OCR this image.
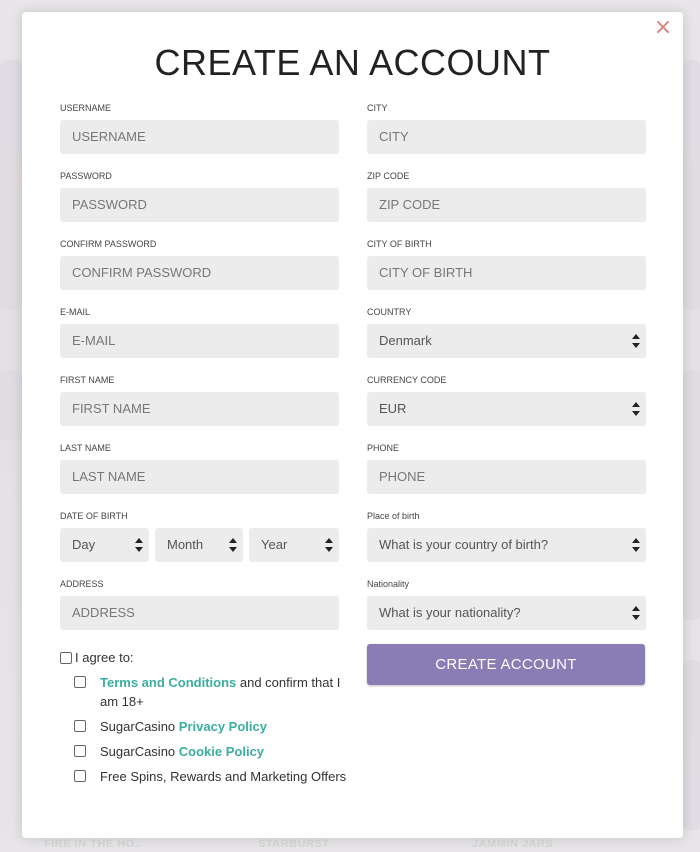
×
CREATE AN ACCOUNT
USERNAME
USERNAME
PASSWORD
CONFIRM PASSWORD
E-MAIL
E-MAIL
FIRST NAME
FIRST NAME
LAST NAME
LAST NAME
DATE OF BIRTH
Day	Month	Year
ADDRESS
ADDRESS
CITY
CITY
ZIP CODE
ZIP CODE
CITY OF BIRTH
CITY OF BIRTH
COUNTRY
Denmark
CURRENCY CODE
EUR
PHONE
PHONE
Place of birth
What is your country of birth?
Nationality
What is your nationality?
I agree to:
Terms and Conditions and confirm that I am 18+
SugarCasino Privacy Policy
SugarCasino Cookie Policy
Free Spins, Rewards and Marketing Offers
CREATE ACCOUNT
